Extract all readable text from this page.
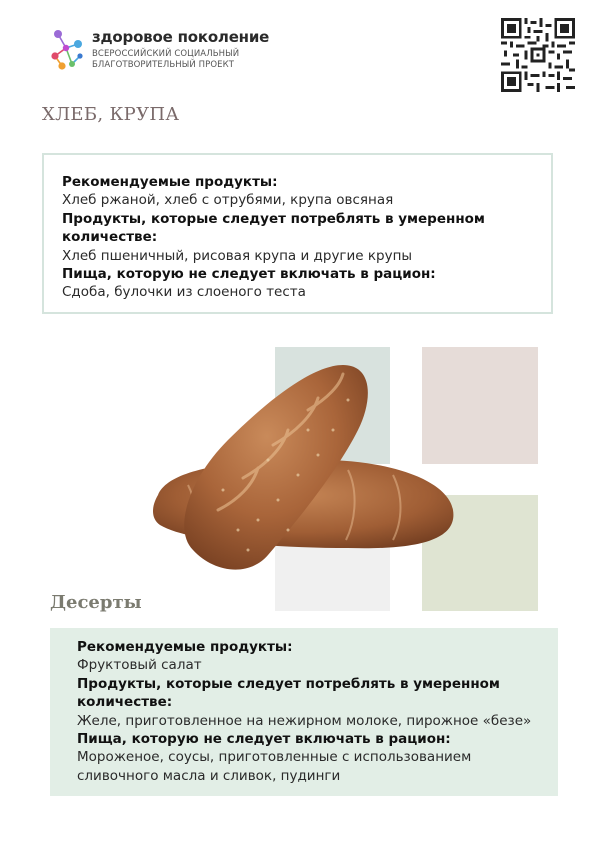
здоровое поколение
ВСЕРОССИЙСКИЙ СОЦИАЛЬНЫЙ
БЛАГОТВОРИТЕЛЬНЫЙ ПРОЕКТ
ХЛЕБ, КРУПА

Рекомендуемые продукты:

Хлеб ржаной, хлеб с отрубями, крупа овсяная

Продукты, которые следует потреблять в умеренном
количестве:

Хлеб пшеничный, рисовая крупа и другие крупы

Пища, которую не следует включать в рацион:

Сдоба, булочки из слоеного теста

Десерты

Рекомендуемые продукты:

Фруктовый салат

Продукты, которые следует потреблять в умеренном
количестве:

Желе, приготовленное на нежирном молоке, пирожное «безе»

Пища, которую не следует включать в рацион:

Мороженое, соусы, приготовленные с использованием
сливочного масла и сливок, пудинги
